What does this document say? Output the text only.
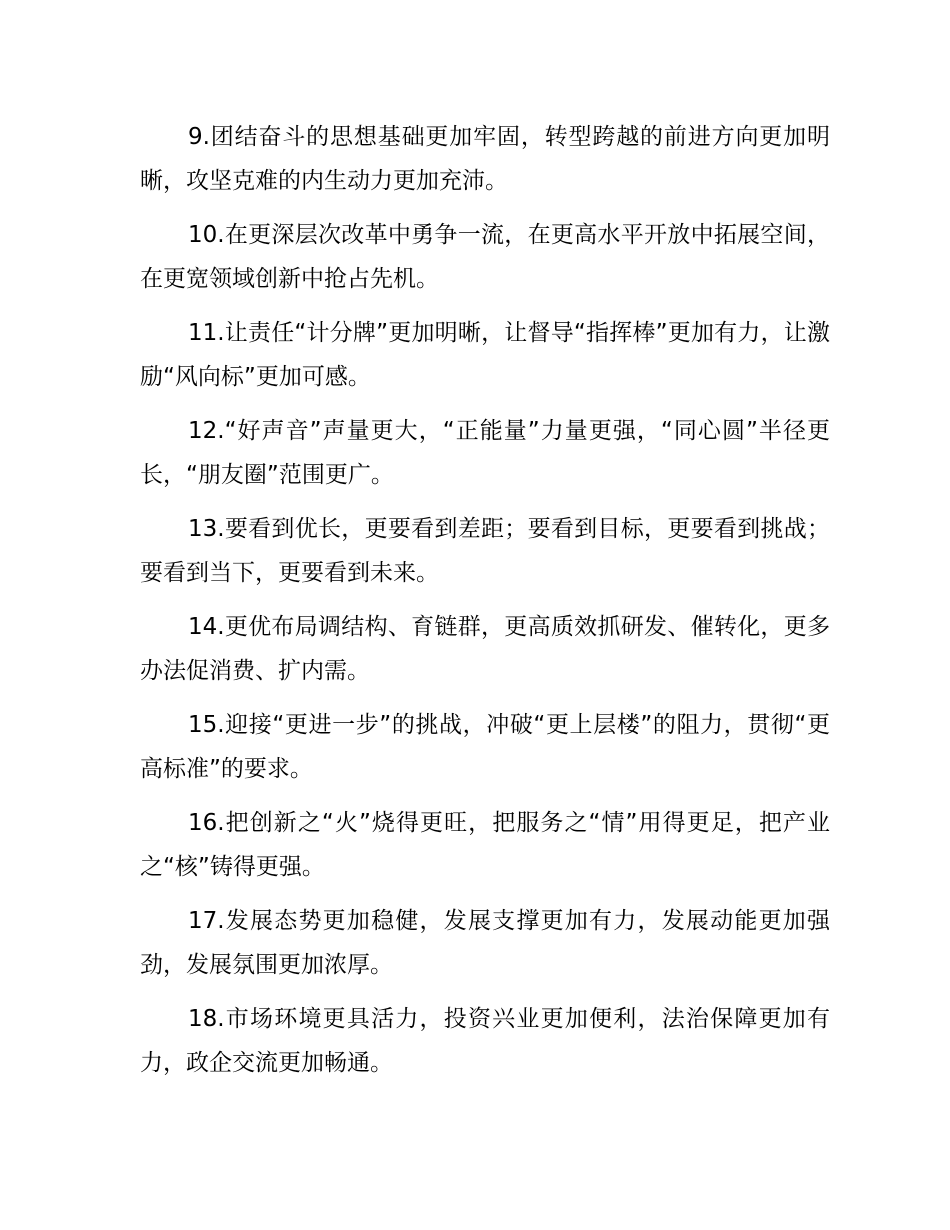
9.团结奋斗的思想基础更加牢固，转型跨越的前进方向更加明晰，攻坚克难的内生动力更加充沛。

10.在更深层次改革中勇争一流，在更高水平开放中拓展空间，在更宽领域创新中抢占先机。

11.让责任“计分牌”更加明晰，让督导“指挥棒”更加有力，让激励“风向标”更加可感。

12.“好声音”声量更大，“正能量”力量更强，“同心圆”半径更长，“朋友圈”范围更广。

13.要看到优长，更要看到差距；要看到目标，更要看到挑战；要看到当下，更要看到未来。

14.更优布局调结构、育链群，更高质效抓研发、催转化，更多办法促消费、扩内需。

15.迎接“更进一步”的挑战，冲破“更上层楼”的阻力，贯彻“更高标准”的要求。

16.把创新之“火”烧得更旺，把服务之“情”用得更足，把产业之“核”铸得更强。

17.发展态势更加稳健，发展支撑更加有力，发展动能更加强劲，发展氛围更加浓厚。

18.市场环境更具活力，投资兴业更加便利，法治保障更加有力，政企交流更加畅通。
